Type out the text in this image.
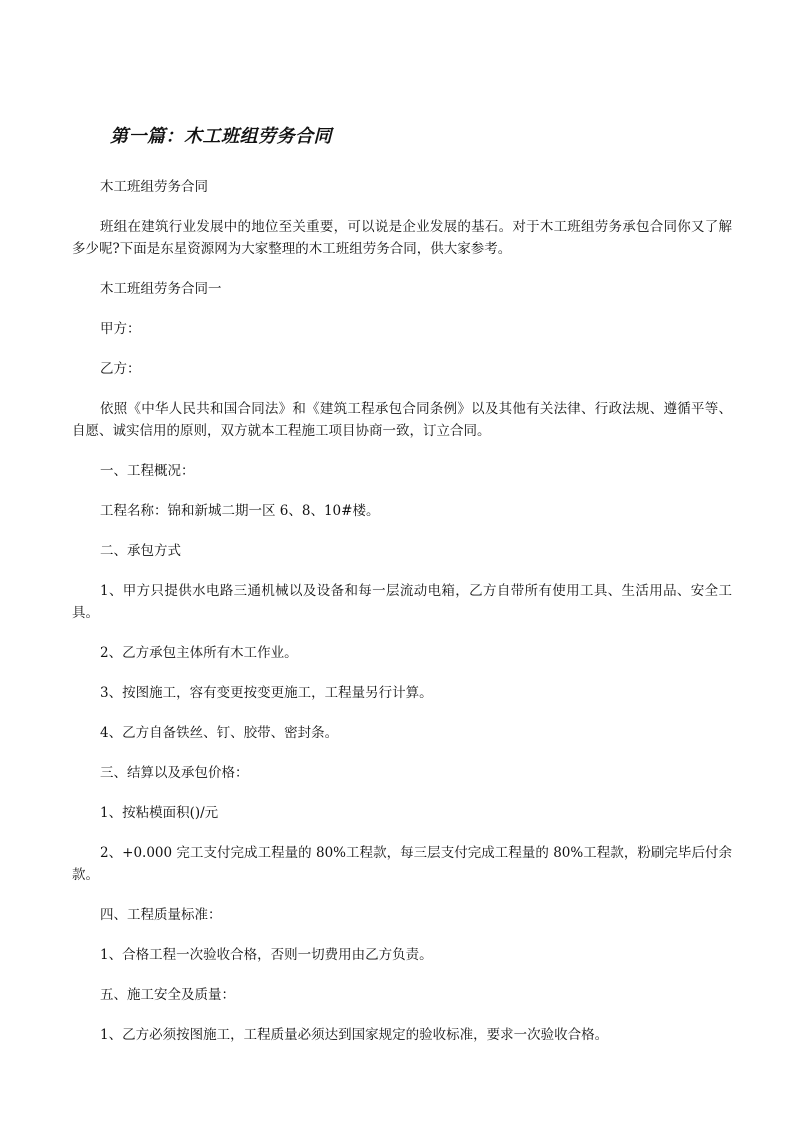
第一篇：木工班组劳务合同

木工班组劳务合同

班组在建筑行业发展中的地位至关重要，可以说是企业发展的基石。对于木工班组劳务承包合同你又了解多少呢?下面是东星资源网为大家整理的木工班组劳务合同，供大家参考。

木工班组劳务合同一

甲方：

乙方：

依照《中华人民共和国合同法》和《建筑工程承包合同条例》以及其他有关法律、行政法规、遵循平等、自愿、诚实信用的原则，双方就本工程施工项目协商一致，订立合同。

一、工程概况：

工程名称：锦和新城二期一区 6、8、10#楼。

二、承包方式

1、甲方只提供水电路三通机械以及设备和每一层流动电箱，乙方自带所有使用工具、生活用品、安全工具。

2、乙方承包主体所有木工作业。

3、按图施工，容有变更按变更施工，工程量另行计算。

4、乙方自备铁丝、钉、胶带、密封条。

三、结算以及承包价格：

1、按粘模面积()/元

2、+0.000 完工支付完成工程量的 80%工程款，每三层支付完成工程量的 80%工程款，粉刷完毕后付余款。

四、工程质量标准：

1、合格工程一次验收合格，否则一切费用由乙方负责。

五、施工安全及质量：

1、乙方必须按图施工，工程质量必须达到国家规定的验收标准，要求一次验收合格。
